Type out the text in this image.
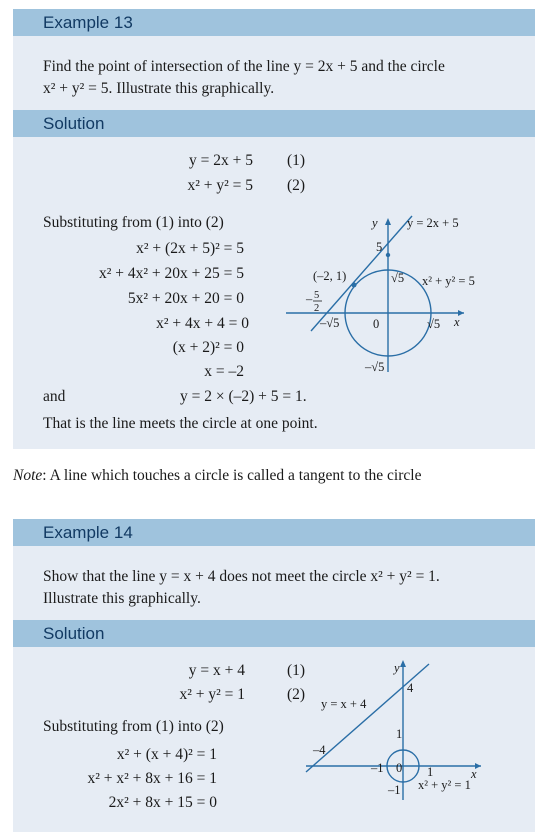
Example 13
Find the point of intersection of the line y = 2x + 5 and the circle
x² + y² = 5. Illustrate this graphically.
Solution
y = 2x + 5 (1)
x² + y² = 5 (2)
Substituting from (1) into (2)
x² + (2x + 5)² = 5
x² + 4x² + 20x + 25 = 5
5x² + 20x + 20 = 0
x² + 4x + 4 = 0
(x + 2)² = 0
x = –2
and	y = 2 × (–2) + 5 = 1.
That is the line meets the circle at one point.
y y = 2x + 5
5
(–2, 1)	√5 x² + y² = 5
– 5
2
–√5	0	√5 x
–√5
Note: A line which touches a circle is called a tangent to the circle
Example 14
Show that the line y = x + 4 does not meet the circle x² + y² = 1.
Illustrate this graphically.
Solution
y = x + 4	(1)
x² + y² = 1	(2)
Substituting from (1) into (2)
x² + (x + 4)² = 1
x² + x² + 8x + 16 = 1
2x² + 8x + 15 = 0
y
4
y = x + 4
1
–4
–1 0 1	x
x² + y² = 1
–1
